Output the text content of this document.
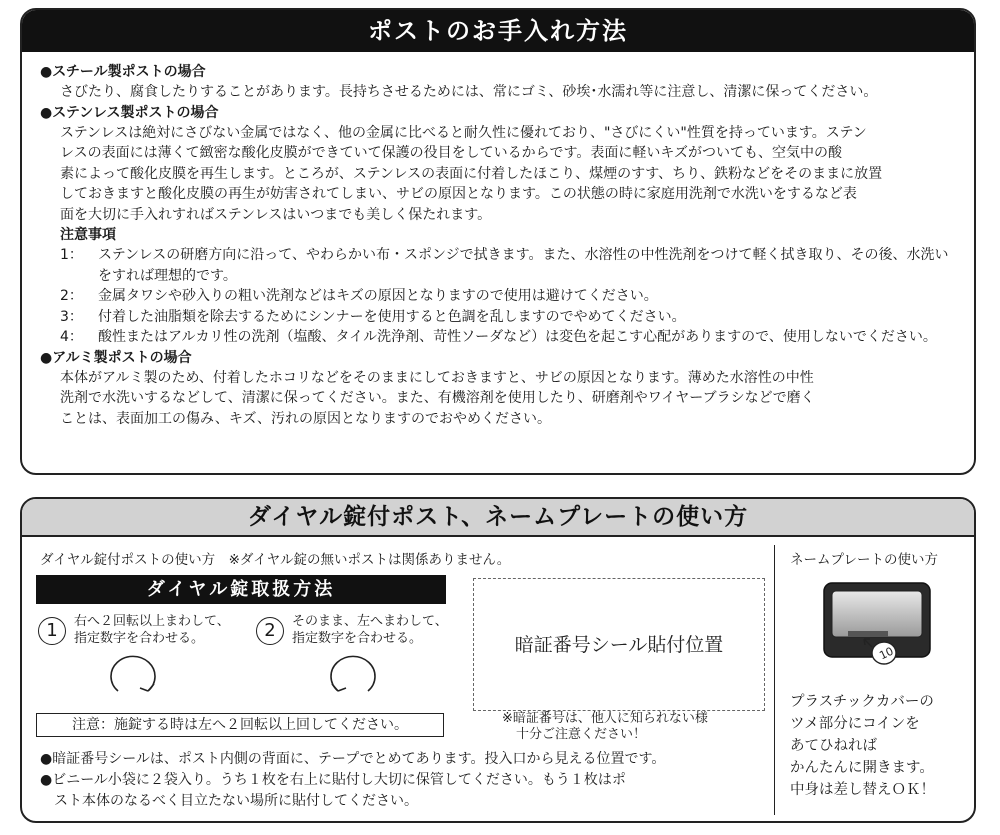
ポストのお手入れ方法
●スチール製ポストの場合
さびたり、腐食したりすることがあります。長持ちさせるためには、常にゴミ、砂埃･水濡れ等に注意し、清潔に保ってください。
●ステンレス製ポストの場合
ステンレスは絶対にさびない金属ではなく、他の金属に比べると耐久性に優れており、"さびにくい"性質を持っています。ステン
レスの表面には薄くて緻密な酸化皮膜ができていて保護の役目をしているからです。表面に軽いキズがついても、空気中の酸
素によって酸化皮膜を再生します。ところが、ステンレスの表面に付着したほこり、煤煙のすす、ちり、鉄粉などをそのままに放置
しておきますと酸化皮膜の再生が妨害されてしまい、サビの原因となります。この状態の時に家庭用洗剤で水洗いをするなど表
面を大切に手入れすればステンレスはいつまでも美しく保たれます。
注意事項
1：	ステンレスの研磨方向に沿って、やわらかい布・スポンジで拭きます。また、水溶性の中性洗剤をつけて軽く拭き取り、その後、水洗いをすれば理想的です。
2：	金属タワシや砂入りの粗い洗剤などはキズの原因となりますので使用は避けてください。
3：	付着した油脂類を除去するためにシンナーを使用すると色調を乱しますのでやめてください。
4：	酸性またはアルカリ性の洗剤（塩酸、タイル洗浄剤、苛性ソーダなど）は変色を起こす心配がありますので、使用しないでください。
●アルミ製ポストの場合
本体がアルミ製のため、付着したホコリなどをそのままにしておきますと、サビの原因となります。薄めた水溶性の中性
洗剤で水洗いするなどして、清潔に保ってください。また、有機溶剤を使用したり、研磨剤やワイヤーブラシなどで磨く
ことは、表面加工の傷み、キズ、汚れの原因となりますのでおやめください。
ダイヤル錠付ポスト、ネームプレートの使い方
ダイヤル錠付ポストの使い方　※ダイヤル錠の無いポストは関係ありません。
ダイヤル錠取扱方法
1	右へ２回転以上まわして、
指定数字を合わせる。	2	そのまま、左へまわして、
指定数字を合わせる。	暗証番号シール貼付位置
注意：施錠する時は左へ２回転以上回してください。	※暗証番号は、他人に知られない様
十分ご注意ください！
●暗証番号シールは、ポスト内側の背面に、テープでとめてあります。投入口から見える位置です。
●ビニール小袋に２袋入り。うち１枚を右上に貼付し大切に保管してください。もう１枚はポ
スト本体のなるべく目立たない場所に貼付してください。
ネームプレートの使い方
10
プラスチックカバーの
ツメ部分にコインを
あてひねれば
かんたんに開きます。
中身は差し替えＯＫ！
